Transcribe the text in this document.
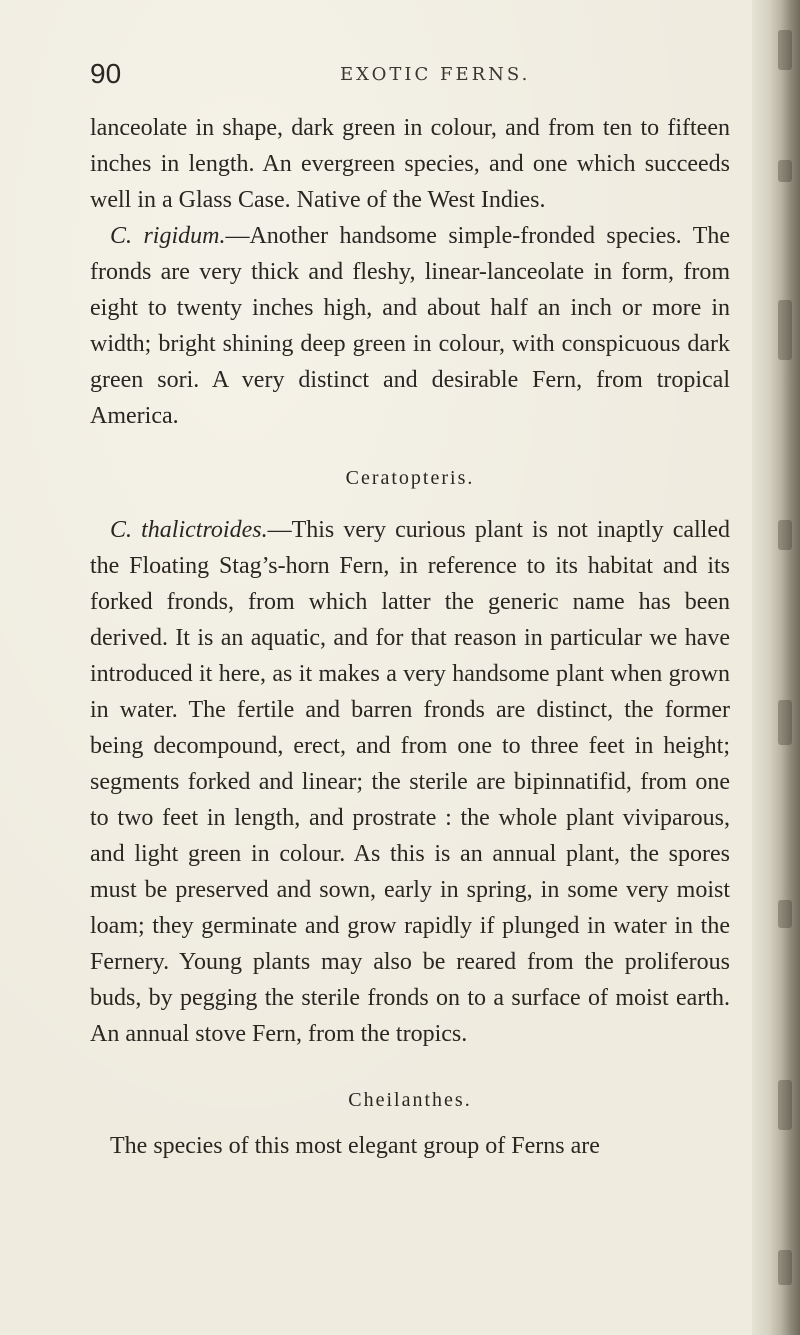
90	EXOTIC FERNS.

lanceolate in shape, dark green in colour, and from ten to fifteen inches in length. An evergreen species, and one which succeeds well in a Glass Case. Native of the West Indies.

C. rigidum.—Another handsome simple-fronded species. The fronds are very thick and fleshy, linear-lanceolate in form, from eight to twenty inches high, and about half an inch or more in width; bright shining deep green in colour, with conspicuous dark green sori. A very distinct and desirable Fern, from tropical America.

Ceratopteris.

C. thalictroides.—This very curious plant is not inaptly called the Floating Stag’s-horn Fern, in reference to its habitat and its forked fronds, from which latter the generic name has been derived. It is an aquatic, and for that reason in particular we have introduced it here, as it makes a very handsome plant when grown in water. The fertile and barren fronds are distinct, the former being decompound, erect, and from one to three feet in height; segments forked and linear; the sterile are bipinnatifid, from one to two feet in length, and prostrate : the whole plant viviparous, and light green in colour. As this is an annual plant, the spores must be preserved and sown, early in spring, in some very moist loam; they germinate and grow rapidly if plunged in water in the Fernery. Young plants may also be reared from the proliferous buds, by pegging the sterile fronds on to a surface of moist earth. An annual stove Fern, from the tropics.

Cheilanthes.

The species of this most elegant group of Ferns are
